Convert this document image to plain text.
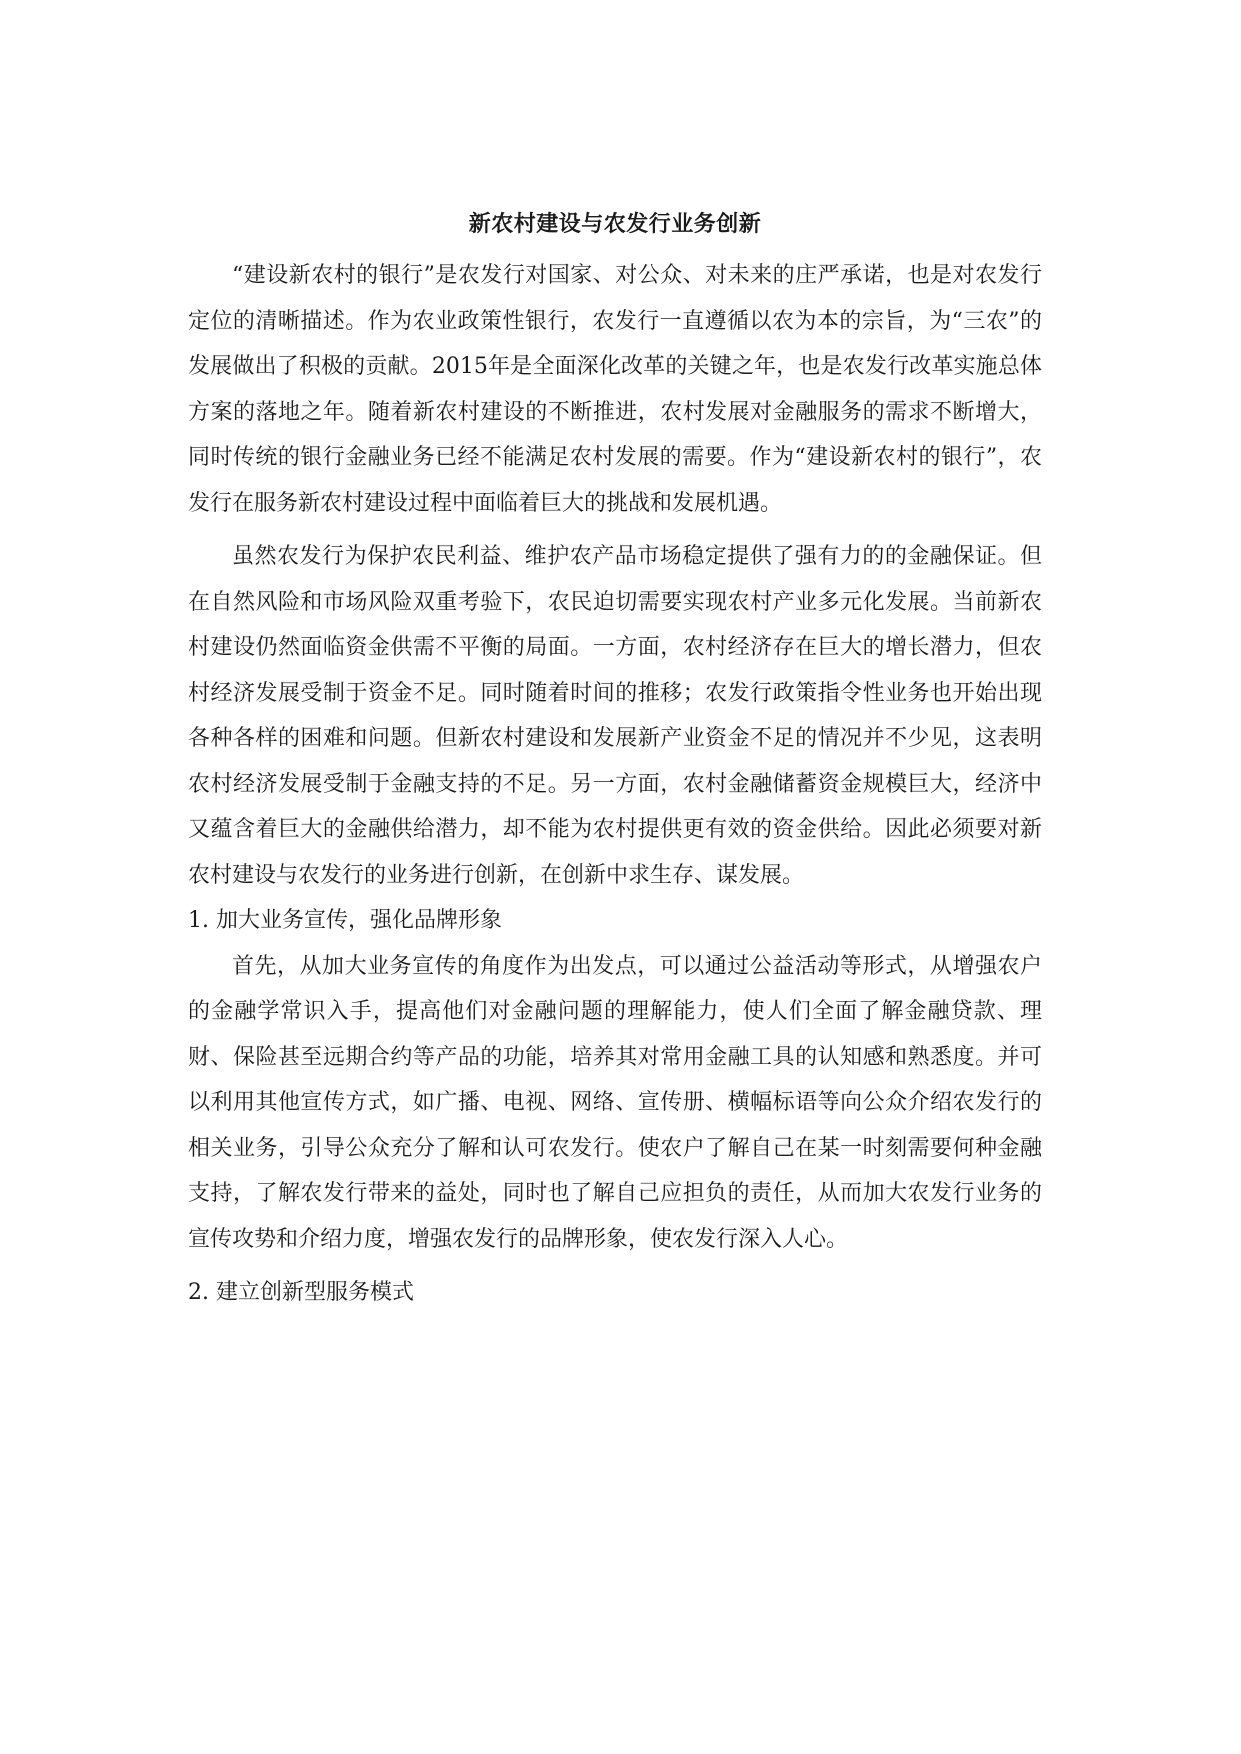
新农村建设与农发行业务创新

“建设新农村的银行”是农发行对国家、对公众、对未来的庄严承诺，也是对农发行定位的清晰描述。作为农业政策性银行，农发行一直遵循以农为本的宗旨，为“三农”的发展做出了积极的贡献。2015年是全面深化改革的关键之年，也是农发行改革实施总体方案的落地之年。随着新农村建设的不断推进，农村发展对金融服务的需求不断增大，同时传统的银行金融业务已经不能满足农村发展的需要。作为“建设新农村的银行”，农发行在服务新农村建设过程中面临着巨大的挑战和发展机遇。

虽然农发行为保护农民利益、维护农产品市场稳定提供了强有力的的金融保证。但在自然风险和市场风险双重考验下，农民迫切需要实现农村产业多元化发展。当前新农村建设仍然面临资金供需不平衡的局面。一方面，农村经济存在巨大的增长潜力，但农村经济发展受制于资金不足。同时随着时间的推移；农发行政策指令性业务也开始出现各种各样的困难和问题。但新农村建设和发展新产业资金不足的情况并不少见，这表明农村经济发展受制于金融支持的不足。另一方面，农村金融储蓄资金规模巨大，经济中又蕴含着巨大的金融供给潜力，却不能为农村提供更有效的资金供给。因此必须要对新农村建设与农发行的业务进行创新，在创新中求生存、谋发展。

1. 加大业务宣传，强化品牌形象

首先，从加大业务宣传的角度作为出发点，可以通过公益活动等形式，从增强农户的金融学常识入手，提高他们对金融问题的理解能力，使人们全面了解金融贷款、理财、保险甚至远期合约等产品的功能，培养其对常用金融工具的认知感和熟悉度。并可以利用其他宣传方式，如广播、电视、网络、宣传册、横幅标语等向公众介绍农发行的相关业务，引导公众充分了解和认可农发行。使农户了解自己在某一时刻需要何种金融支持，了解农发行带来的益处，同时也了解自己应担负的责任，从而加大农发行业务的宣传攻势和介绍力度，增强农发行的品牌形象，使农发行深入人心。

2. 建立创新型服务模式
